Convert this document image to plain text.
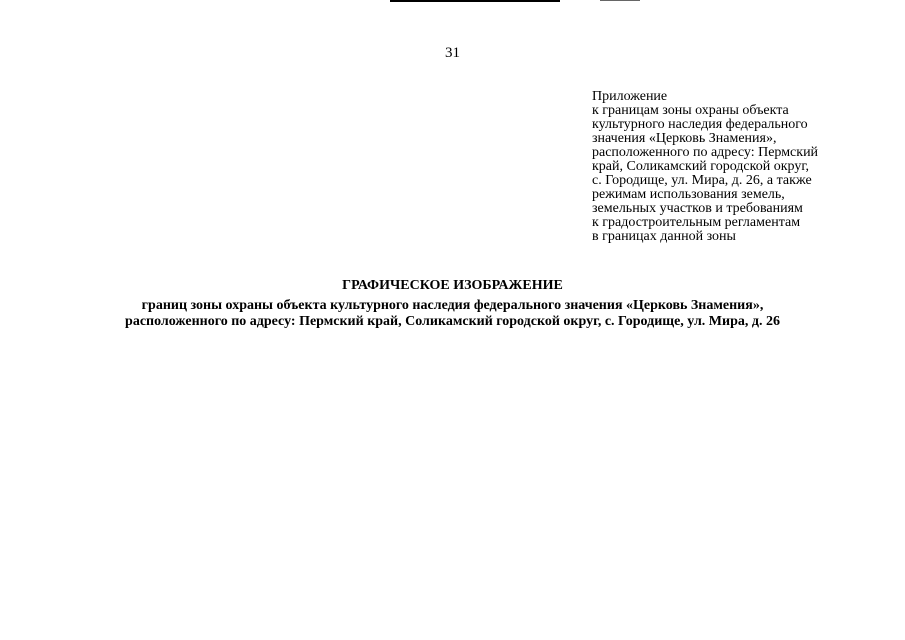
31
Приложение
к границам зоны охраны объекта
культурного наследия федерального
значения «Церковь Знамения»,
расположенного по адресу: Пермский
край, Соликамский городской округ,
с. Городище, ул. Мира, д. 26, а также
режимам использования земель,
земельных участков и требованиям
к градостроительным регламентам
в границах данной зоны
ГРАФИЧЕСКОЕ ИЗОБРАЖЕНИЕ
границ зоны охраны объекта культурного наследия федерального значения «Церковь Знамения»,
расположенного по адресу: Пермский край, Соликамский городской округ, с. Городище, ул. Мира, д. 26
